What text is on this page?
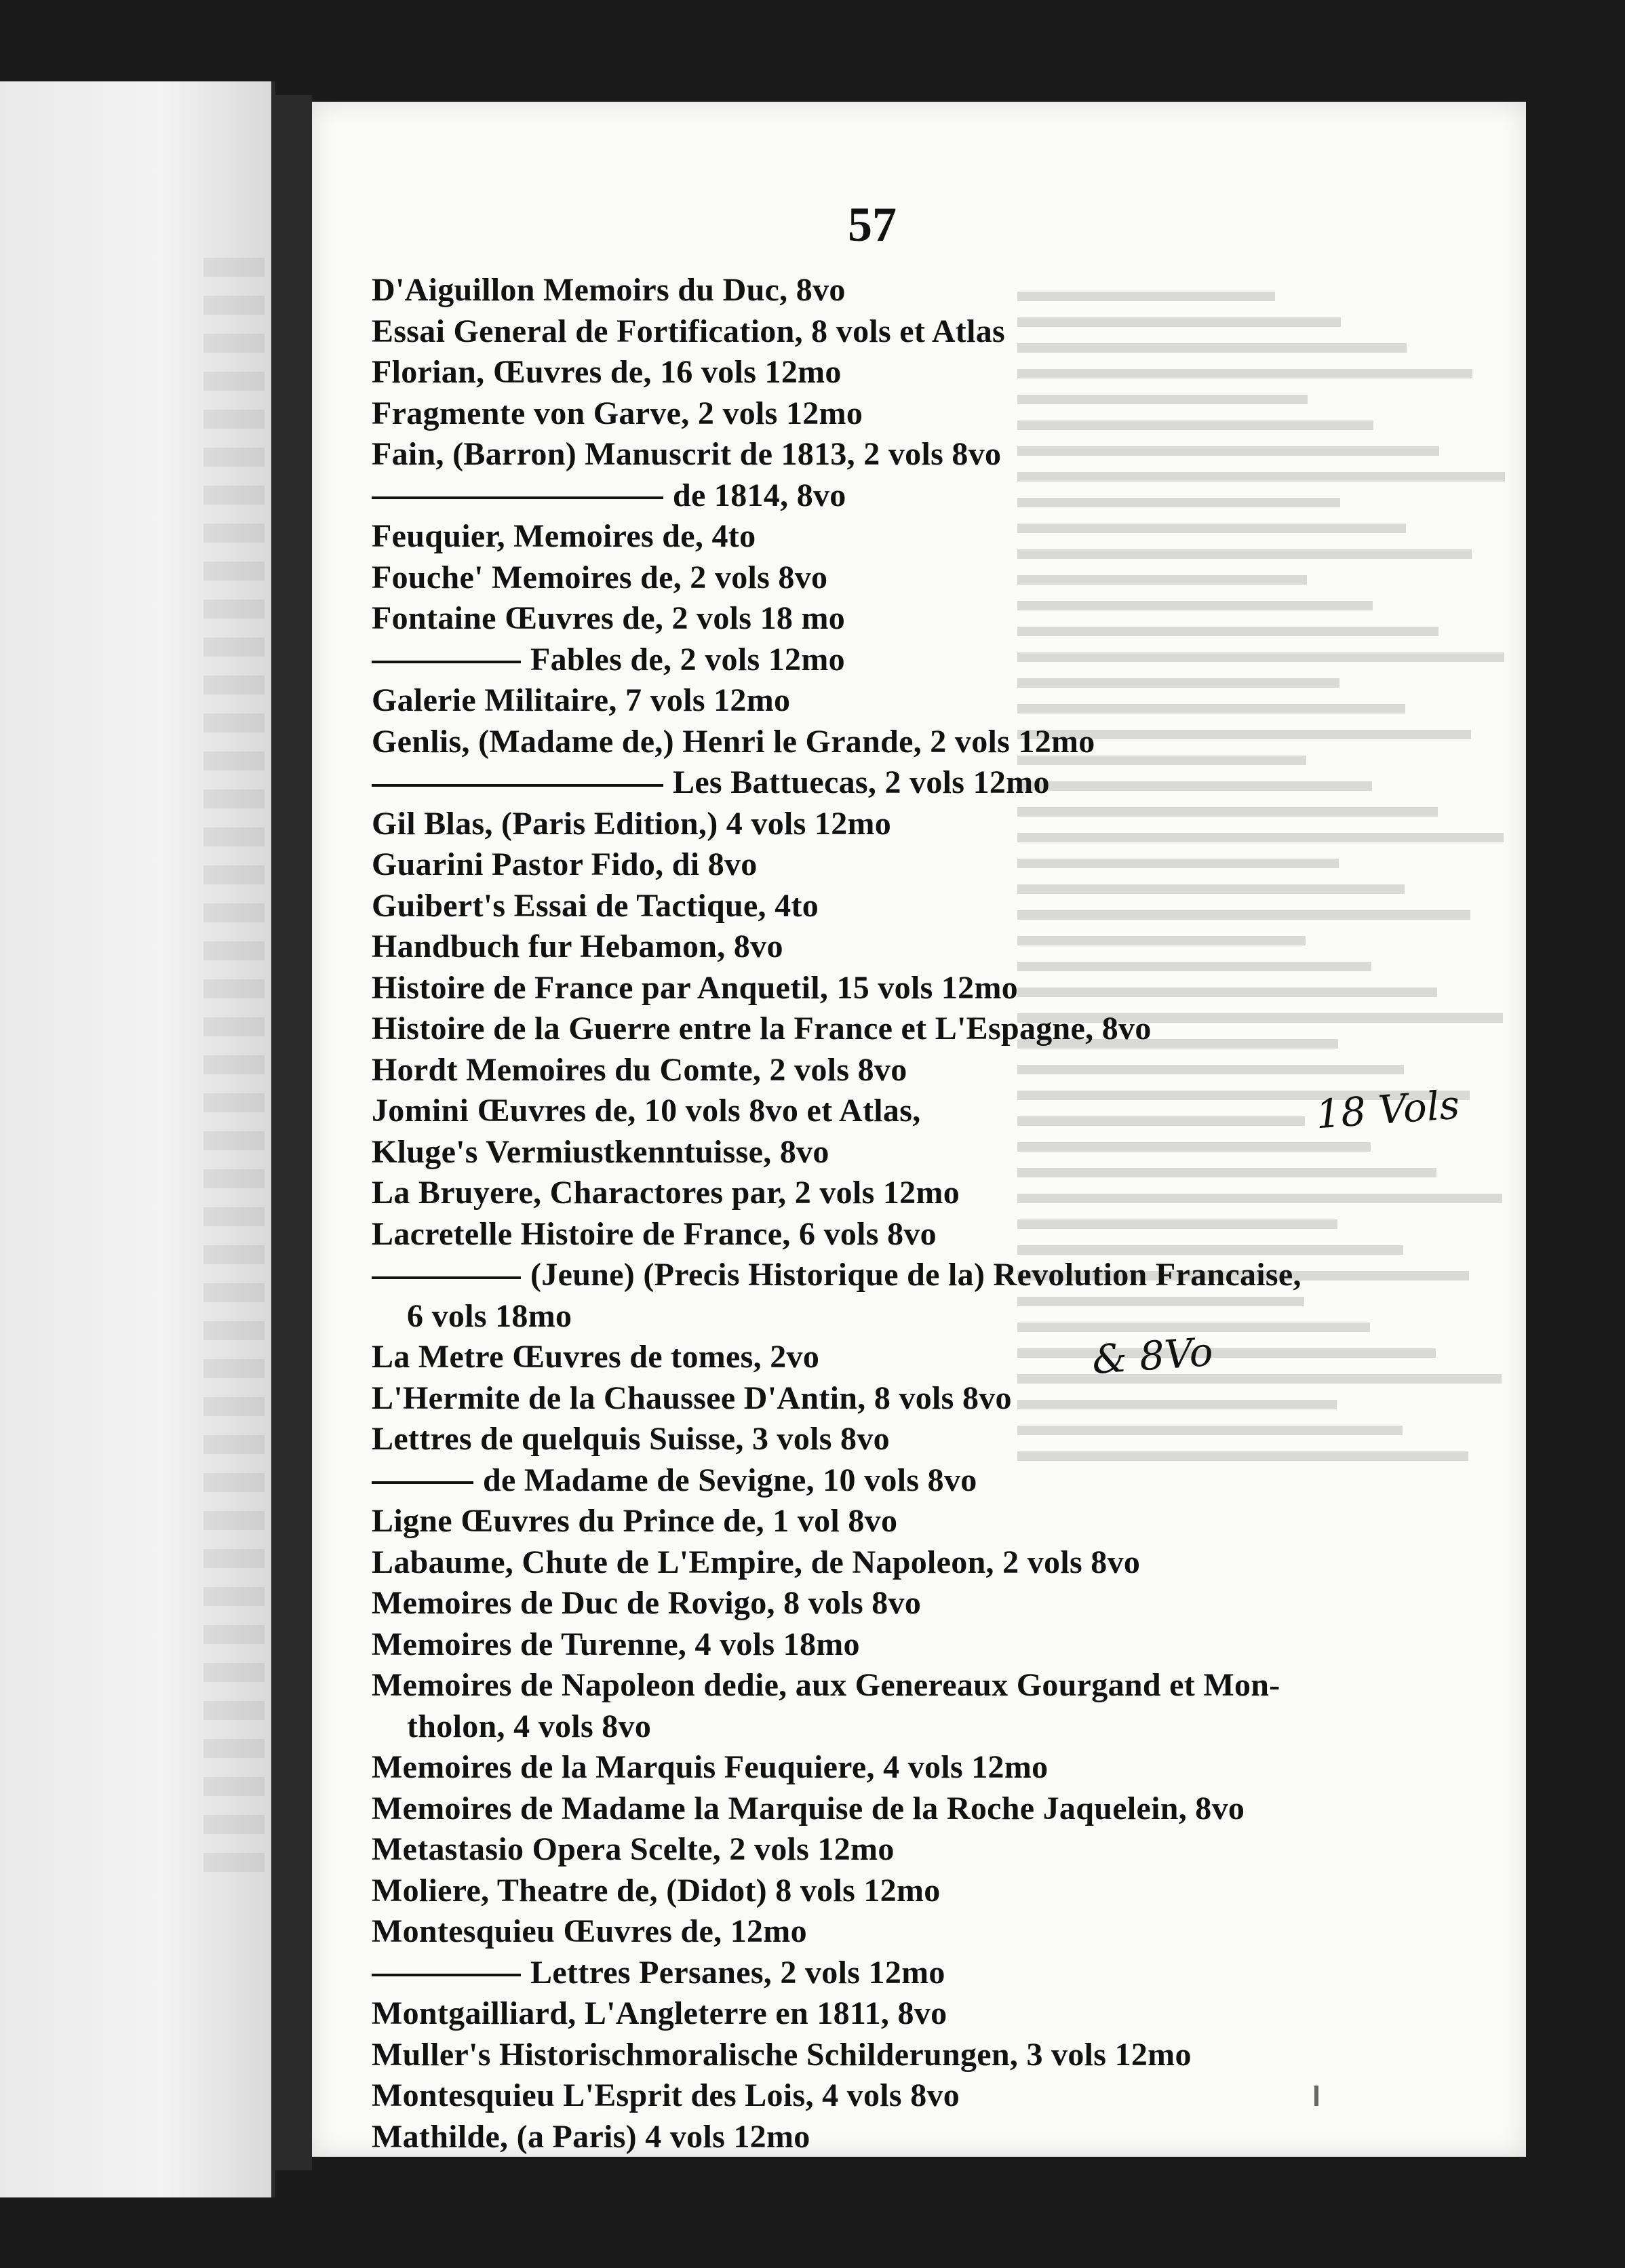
57
D'Aiguillon Memoirs du Duc, 8vo
Essai General de Fortification, 8 vols et Atlas
Florian, Œuvres de, 16 vols 12mo
Fragmente von Garve, 2 vols 12mo
Fain, (Barron) Manuscrit de 1813, 2 vols 8vo
de 1814, 8vo
Feuquier, Memoires de, 4to
Fouche' Memoires de, 2 vols 8vo
Fontaine Œuvres de, 2 vols 18 mo
Fables de, 2 vols 12mo
Galerie Militaire, 7 vols 12mo
Genlis, (Madame de,) Henri le Grande, 2 vols 12mo
Les Battuecas, 2 vols 12mo
Gil Blas, (Paris Edition,) 4 vols 12mo
Guarini Pastor Fido, di 8vo
Guibert's Essai de Tactique, 4to
Handbuch fur Hebamon, 8vo
Histoire de France par Anquetil, 15 vols 12mo
Histoire de la Guerre entre la France et L'Espagne, 8vo
Hordt Memoires du Comte, 2 vols 8vo
Jomini Œuvres de, 10 vols 8vo et Atlas,
Kluge's Vermiustkenntuisse, 8vo
La Bruyere, Charactores par, 2 vols 12mo
Lacretelle Histoire de France, 6 vols 8vo
(Jeune) (Precis Historique de la) Revolution Francaise,
6 vols 18mo
La Metre Œuvres de tomes, 2vo
L'Hermite de la Chaussee D'Antin, 8 vols 8vo
Lettres de quelquis Suisse, 3 vols 8vo
de Madame de Sevigne, 10 vols 8vo
Ligne Œuvres du Prince de, 1 vol 8vo
Labaume, Chute de L'Empire, de Napoleon, 2 vols 8vo
Memoires de Duc de Rovigo, 8 vols 8vo
Memoires de Turenne, 4 vols 18mo
Memoires de Napoleon dedie, aux Genereaux Gourgand et Mon-
tholon, 4 vols 8vo
Memoires de la Marquis Feuquiere, 4 vols 12mo
Memoires de Madame la Marquise de la Roche Jaquelein, 8vo
Metastasio Opera Scelte, 2 vols 12mo
Moliere, Theatre de, (Didot) 8 vols 12mo
Montesquieu Œuvres de, 12mo
Lettres Persanes, 2 vols 12mo
Montgailliard, L'Angleterre en 1811, 8vo
Muller's Historischmoralische Schilderungen, 3 vols 12mo
Montesquieu L'Esprit des Lois, 4 vols 8vo
Mathilde, (a Paris) 4 vols 12mo
18 Vols
& 8Vo
